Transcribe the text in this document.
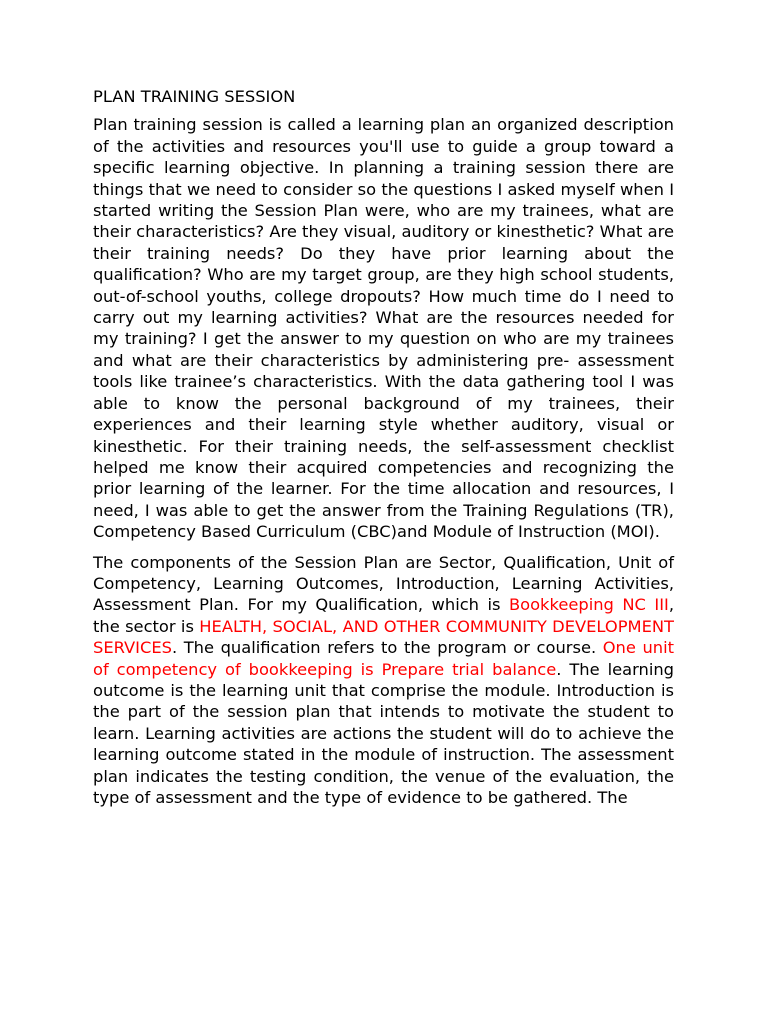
PLAN TRAINING SESSION

Plan training session is called a learning plan an organized description of the activities and resources you'll use to guide a group toward a specific learning objective. In planning a training session there are things that we need to consider so the questions I asked myself when I started writing the Session Plan were, who are my trainees, what are their characteristics? Are they visual, auditory or kinesthetic? What are their training needs? Do they have prior learning about the qualification? Who are my target group, are they high school students, out-of-school youths, college dropouts? How much time do I need to carry out my learning activities? What are the resources needed for my training? I get the answer to my question on who are my trainees and what are their characteristics by administering pre- assessment tools like trainee’s characteristics. With the data gathering tool I was able to know the personal background of my trainees, their experiences and their learning style whether auditory, visual or kinesthetic. For their training needs, the self-assessment checklist helped me know their acquired competencies and recognizing the prior learning of the learner. For the time allocation and resources, I need, I was able to get the answer from the Training Regulations (TR), Competency Based Curriculum (CBC)and Module of Instruction (MOI).

The components of the Session Plan are Sector, Qualification, Unit of Competency, Learning Outcomes, Introduction, Learning Activities, Assessment Plan. For my Qualification, which is Bookkeeping NC III, the sector is HEALTH, SOCIAL, AND OTHER COMMUNITY DEVELOPMENT SERVICES. The qualification refers to the program or course. One unit of competency of bookkeeping is Prepare trial balance. The learning outcome is the learning unit that comprise the module. Introduction is the part of the session plan that intends to motivate the student to learn. Learning activities are actions the student will do to achieve the learning outcome stated in the module of instruction. The assessment plan indicates the testing condition, the venue of the evaluation, the type of assessment and the type of evidence to be gathered. The
